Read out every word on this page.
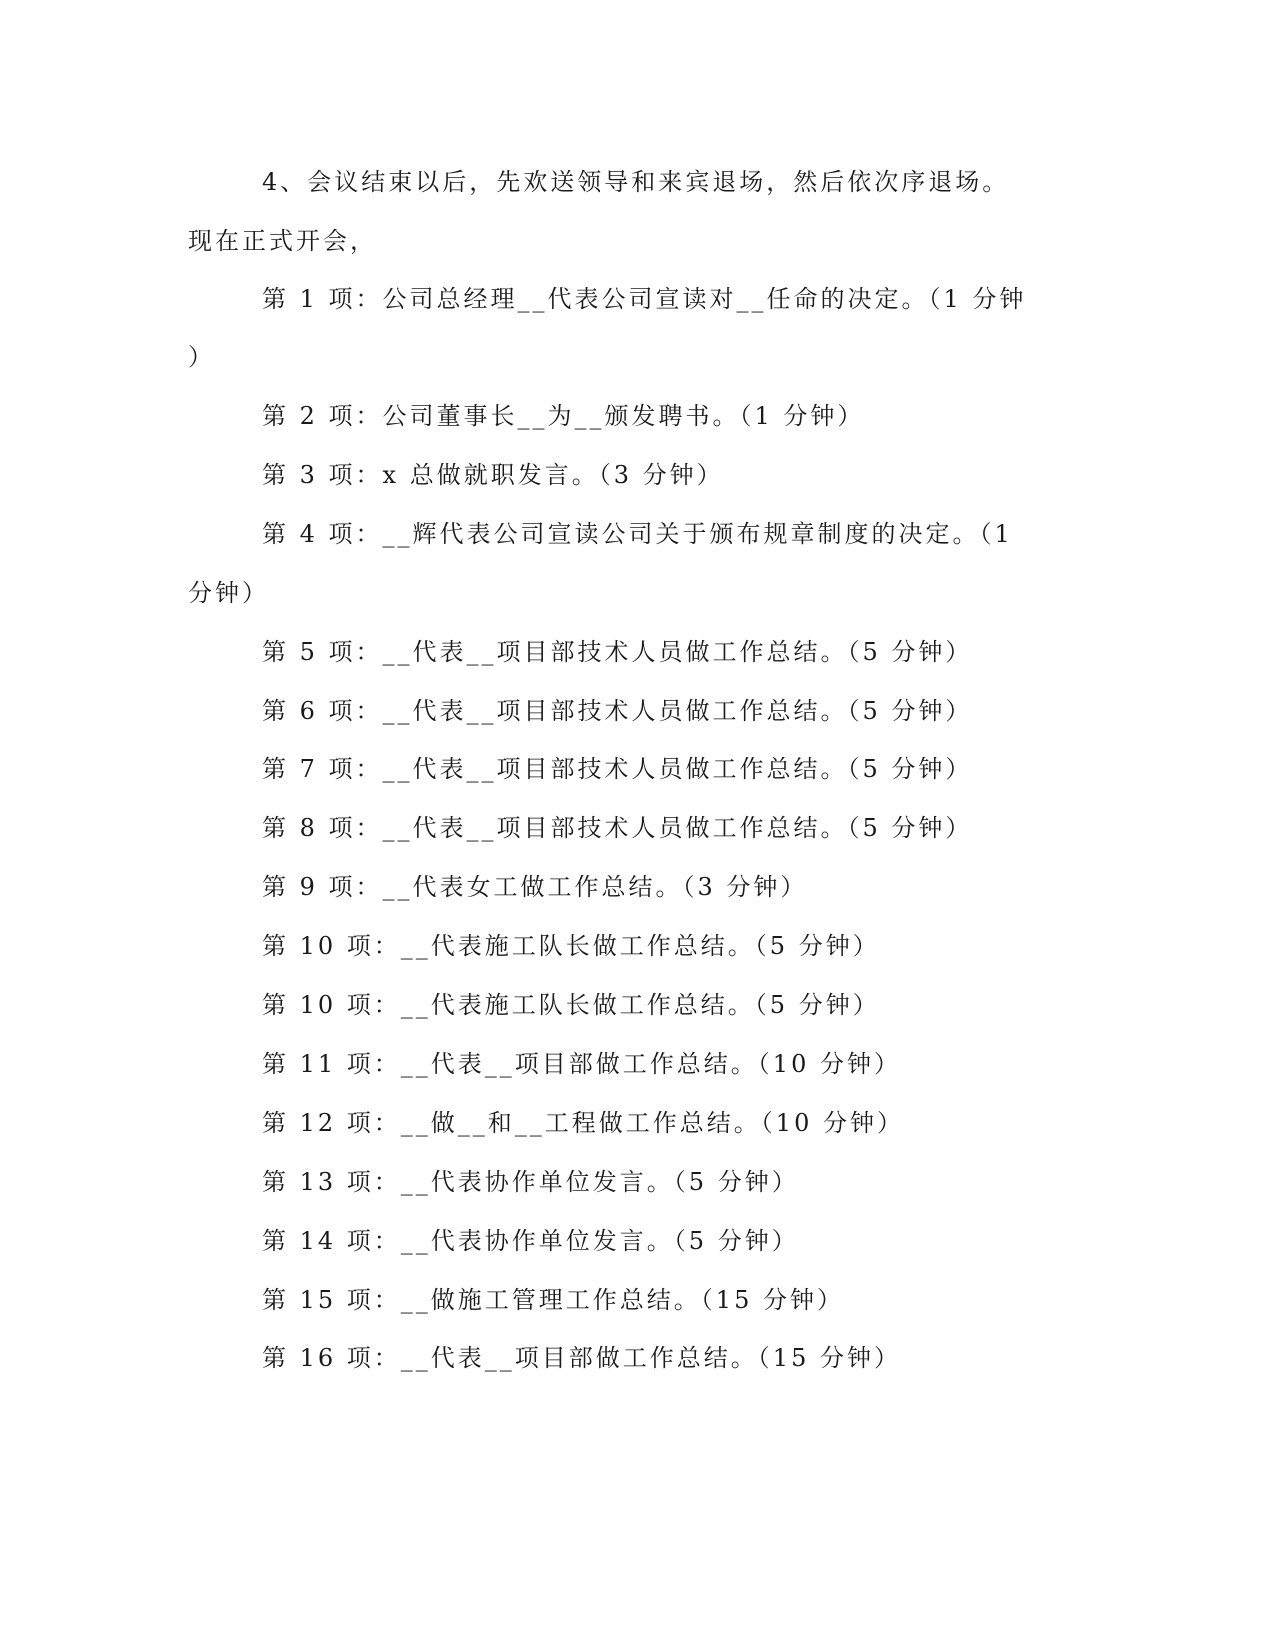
4、会议结束以后，先欢送领导和来宾退场，然后依次序退场。
现在正式开会，
第 1 项：公司总经理__代表公司宣读对__任命的决定。（1 分钟
）
第 2 项：公司董事长__为__颁发聘书。（1 分钟）
第 3 项：x 总做就职发言。（3 分钟）
第 4 项：__辉代表公司宣读公司关于颁布规章制度的决定。（1
分钟）
第 5 项：__代表__项目部技术人员做工作总结。（5 分钟）
第 6 项：__代表__项目部技术人员做工作总结。（5 分钟）
第 7 项：__代表__项目部技术人员做工作总结。（5 分钟）
第 8 项：__代表__项目部技术人员做工作总结。（5 分钟）
第 9 项：__代表女工做工作总结。（3 分钟）
第 10 项：__代表施工队长做工作总结。（5 分钟）
第 10 项：__代表施工队长做工作总结。（5 分钟）
第 11 项：__代表__项目部做工作总结。（10 分钟）
第 12 项：__做__和__工程做工作总结。（10 分钟）
第 13 项：__代表协作单位发言。（5 分钟）
第 14 项：__代表协作单位发言。（5 分钟）
第 15 项：__做施工管理工作总结。（15 分钟）
第 16 项：__代表__项目部做工作总结。（15 分钟）
